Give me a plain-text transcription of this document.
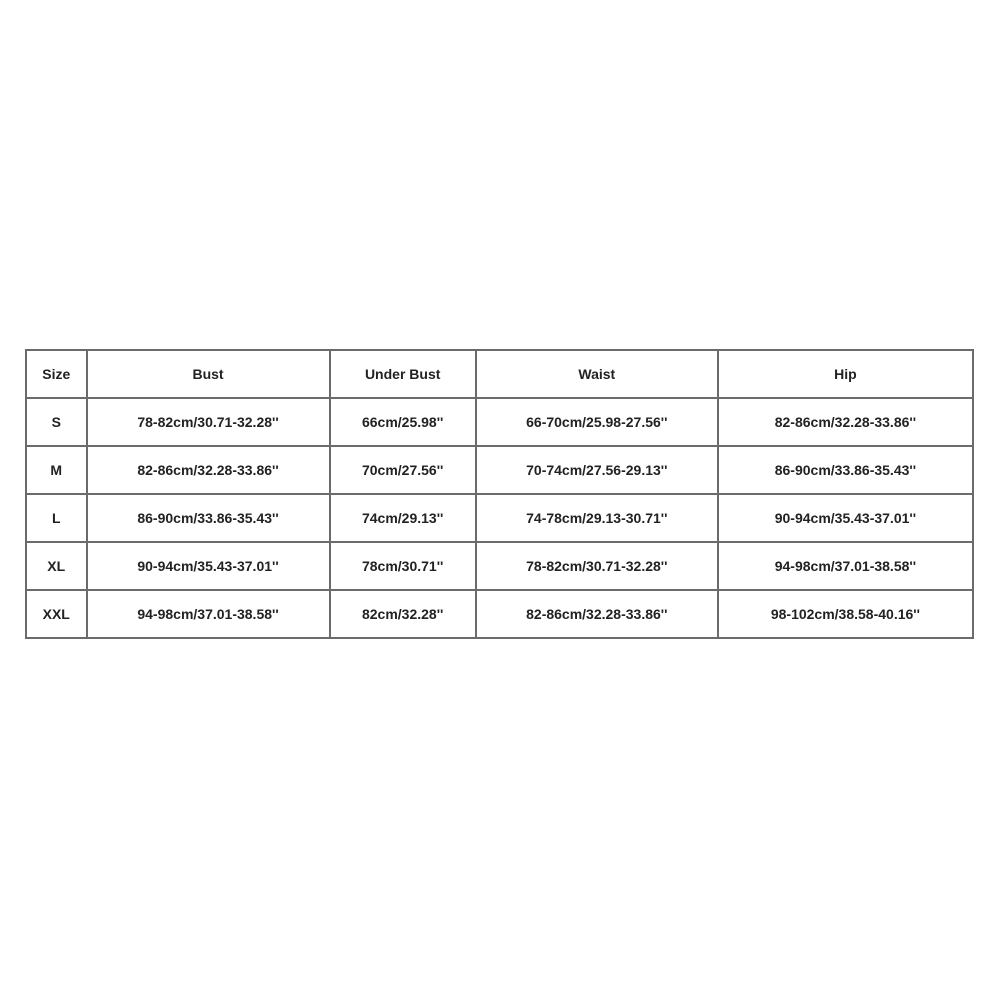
Size	Bust	Under Bust	Waist	Hip
S	78-82cm/30.71-32.28''	66cm/25.98''	66-70cm/25.98-27.56''	82-86cm/32.28-33.86''
M	82-86cm/32.28-33.86''	70cm/27.56''	70-74cm/27.56-29.13''	86-90cm/33.86-35.43''
L	86-90cm/33.86-35.43''	74cm/29.13''	74-78cm/29.13-30.71''	90-94cm/35.43-37.01''
XL	90-94cm/35.43-37.01''	78cm/30.71''	78-82cm/30.71-32.28''	94-98cm/37.01-38.58''
XXL	94-98cm/37.01-38.58''	82cm/32.28''	82-86cm/32.28-33.86''	98-102cm/38.58-40.16''
